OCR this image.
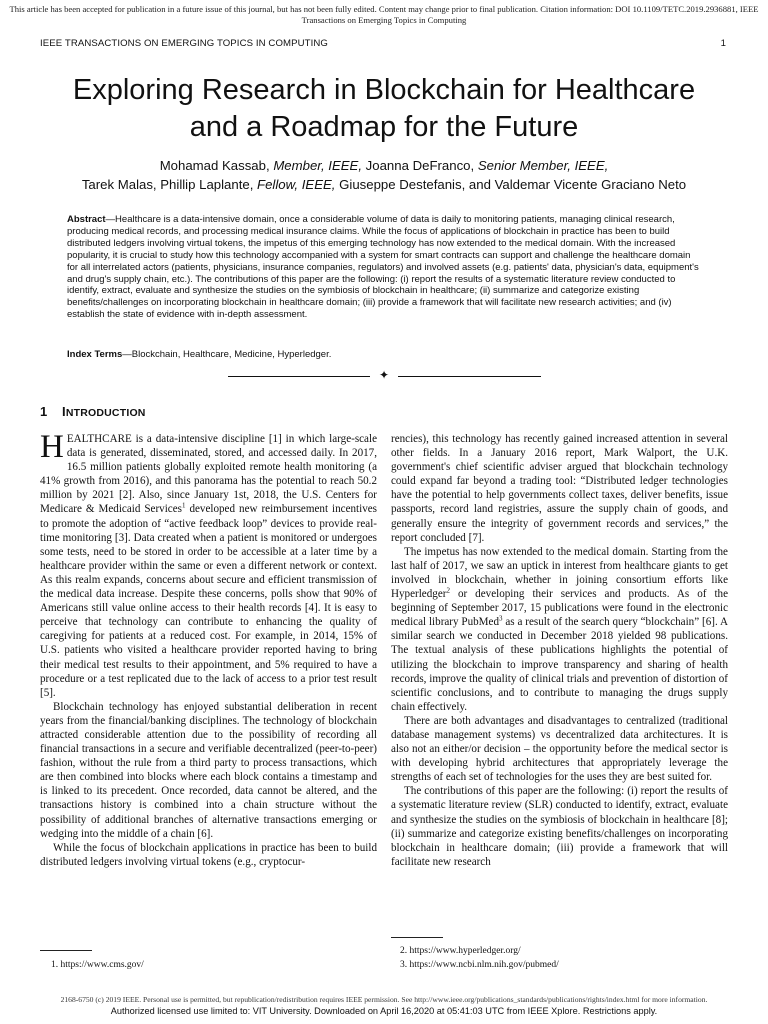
This article has been accepted for publication in a future issue of this journal, but has not been fully edited. Content may change prior to final publication. Citation information: DOI 10.1109/TETC.2019.2936881, IEEE
Transactions on Emerging Topics in Computing
IEEE TRANSACTIONS ON EMERGING TOPICS IN COMPUTING	1
Exploring Research in Blockchain for Healthcare
and a Roadmap for the Future
Mohamad Kassab, Member, IEEE, Joanna DeFranco, Senior Member, IEEE,
Tarek Malas, Phillip Laplante, Fellow, IEEE, Giuseppe Destefanis, and Valdemar Vicente Graciano Neto
Abstract—Healthcare is a data-intensive domain, once a considerable volume of data is daily to monitoring patients, managing clinical research, producing medical records, and processing medical insurance claims. While the focus of applications of blockchain in practice has been to build distributed ledgers involving virtual tokens, the impetus of this emerging technology has now extended to the medical domain. With the increased popularity, it is crucial to study how this technology accompanied with a system for smart contracts can support and challenge the healthcare domain for all interrelated actors (patients, physicians, insurance companies, regulators) and involved assets (e.g. patients' data, physician's data, equipment's and drug's supply chain, etc.). The contributions of this paper are the following: (i) report the results of a systematic literature review conducted to identify, extract, evaluate and synthesize the studies on the symbiosis of blockchain in healthcare; (ii) summarize and categorize existing benefits/challenges on incorporating blockchain in healthcare domain; (iii) provide a framework that will facilitate new research activities; and (iv) establish the state of evidence with in-depth assessment.
Index Terms—Blockchain, Healthcare, Medicine, Hyperledger.
✦
1 INTRODUCTION

HEALTHCARE is a data-intensive discipline [1] in which large-scale data is generated, disseminated, stored, and accessed daily. In 2017, 16.5 million patients globally exploited remote health monitoring (a 41% growth from 2016), and this panorama has the potential to reach 50.2 million by 2021 [2]. Also, since January 1st, 2018, the U.S. Centers for Medicare & Medicaid Services$^1$ developed new reimbursement incentives to promote the adoption of “active feedback loop” devices to provide real-time monitoring [3]. Data created when a patient is monitored or undergoes some tests, need to be stored in order to be accessible at a later time by a healthcare provider within the same or even a different network or context. As this realm expands, concerns about secure and efficient transmission of the medical data increase. Despite these concerns, polls show that 90% of Americans still value online access to their health records [4]. It is easy to perceive that technology can contribute to enhancing the quality of caregiving for patients at a reduced cost. For example, in 2014, 15% of U.S. patients who visited a healthcare provider reported having to bring their medical test results to their appointment, and 5% required to have a procedure or a test replicated due to the lack of access to a prior test result [5].

Blockchain technology has enjoyed substantial deliberation in recent years from the financial/banking disciplines. The technology of blockchain attracted considerable attention due to the possibility of recording all financial transactions in a secure and verifiable decentralized (peer-to-peer) fashion, without the rule from a third party to process transactions, which are then combined into blocks where each block contains a timestamp and is linked to its precedent. Once recorded, data cannot be altered, and the transactions history is combined into a chain structure without the possibility of additional branches of alternative transactions emerging or wedging into the middle of a chain [6].

While the focus of blockchain applications in practice has been to build distributed ledgers involving virtual tokens (e.g., cryptocur-

rencies), this technology has recently gained increased attention in several other fields. In a January 2016 report, Mark Walport, the U.K. government's chief scientific adviser argued that blockchain technology could expand far beyond a trading tool: “Distributed ledger technologies have the potential to help governments collect taxes, deliver benefits, issue passports, record land registries, assure the supply chain of goods, and generally ensure the integrity of government records and services,” the report concluded [7].

The impetus has now extended to the medical domain. Starting from the last half of 2017, we saw an uptick in interest from healthcare giants to get involved in blockchain, whether in joining consortium efforts like Hyperledger$^2$ or developing their services and products. As of the beginning of September 2017, 15 publications were found in the electronic medical library PubMed$^3$ as a result of the search query “blockchain” [6]. A similar search we conducted in December 2018 yielded 98 publications. The textual analysis of these publications highlights the potential of utilizing the blockchain to improve transparency and sharing of health records, improve the quality of clinical trials and prevention of distortion of scientific conclusions, and to contribute to managing the drugs supply chain effectively.

There are both advantages and disadvantages to centralized (traditional database management systems) vs decentralized data architectures. It is also not an either/or decision – the opportunity before the medical sector is with developing hybrid architectures that appropriately leverage the strengths of each set of technologies for the uses they are best suited for.

The contributions of this paper are the following: (i) report the results of a systematic literature review (SLR) conducted to identify, extract, evaluate and synthesize the studies on the symbiosis of blockchain in healthcare [8]; (ii) summarize and categorize existing benefits/challenges on incorporating blockchain in healthcare domain; (iii) provide a framework that will facilitate new research

1. https://www.cms.gov/
2. https://www.hyperledger.org/
3. https://www.ncbi.nlm.nih.gov/pubmed/
2168-6750 (c) 2019 IEEE. Personal use is permitted, but republication/redistribution requires IEEE permission. See http://www.ieee.org/publications_standards/publications/rights/index.html for more information.
Authorized licensed use limited to: VIT University. Downloaded on April 16,2020 at 05:41:03 UTC from IEEE Xplore. Restrictions apply.
